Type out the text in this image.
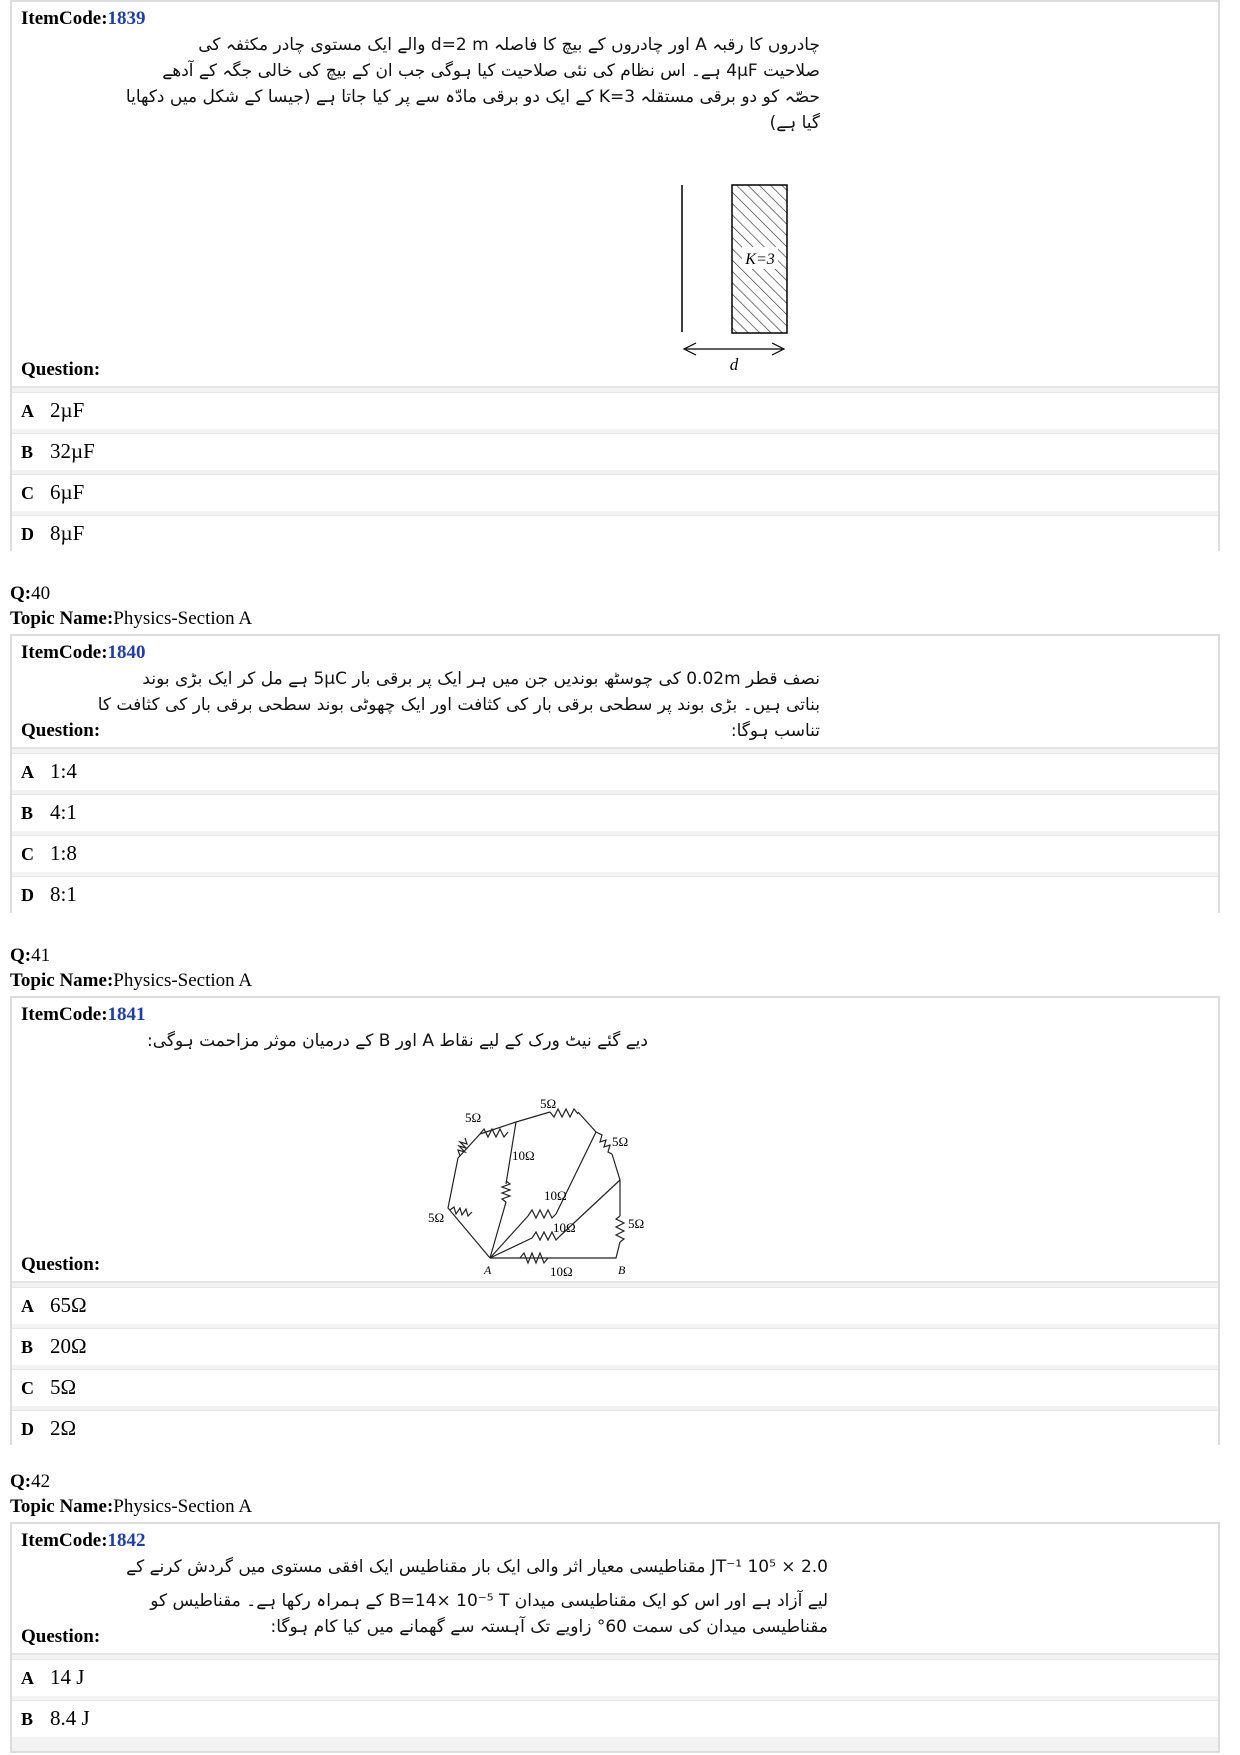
ItemCode:1839
چادروں کا رقبہ A اور چادروں کے بیچ کا فاصلہ d=2 m والے ایک مستوی چادر مکثفہ کی
صلاحیت 4µF ہے۔ اس نظام کی نئی صلاحیت کیا ہوگی جب ان کے بیچ کی خالی جگہ کے آدھے
حصّہ کو دو برقی مستقلہ K=3 کے ایک دو برقی مادّہ سے پر کیا جاتا ہے (جیسا کے شکل میں دکھایا
گیا ہے)
K=3
d
Question:
A 2µF
B 32µF
C 6µF
D 8µF
Q:40
Topic Name:Physics-Section A
ItemCode:1840
نصف قطر 0.02m کی چوسٹھ بوندیں جن میں ہر ایک پر برقی بار 5µC ہے مل کر ایک بڑی بوند
بناتی ہیں۔ بڑی بوند پر سطحی برقی بار کی کثافت اور ایک چھوٹی بوند سطحی برقی بار کی کثافت کا
تناسب ہوگا:
Question:
A 1:4
B 4:1
C 1:8
D 8:1
Q:41
Topic Name:Physics-Section A
ItemCode:1841
دیے گئے نیٹ ورک کے لیے نقاط A اور B کے درمیان موثر مزاحمت ہوگی:
5Ω
5Ω
10Ω
5Ω
10Ω
10Ω	5Ω
5Ω
10Ω
A	B
Question:
A 65Ω
B 20Ω
C 5Ω
D 2Ω
Q:42
Topic Name:Physics-Section A
ItemCode:1842
2.0 × 10⁵ JT⁻¹ مقناطیسی معیار اثر والی ایک بار مقناطیس ایک افقی مستوی میں گردش کرنے کے
لیے آزاد ہے اور اس کو ایک مقناطیسی میدان B=14× 10⁻⁵ T کے ہمراہ رکھا ہے۔ مقناطیس کو
مقناطیسی میدان کی سمت 60° زاویے تک آہستہ سے گھمانے میں کیا کام ہوگا:
Question:
A 14 J
B 8.4 J
